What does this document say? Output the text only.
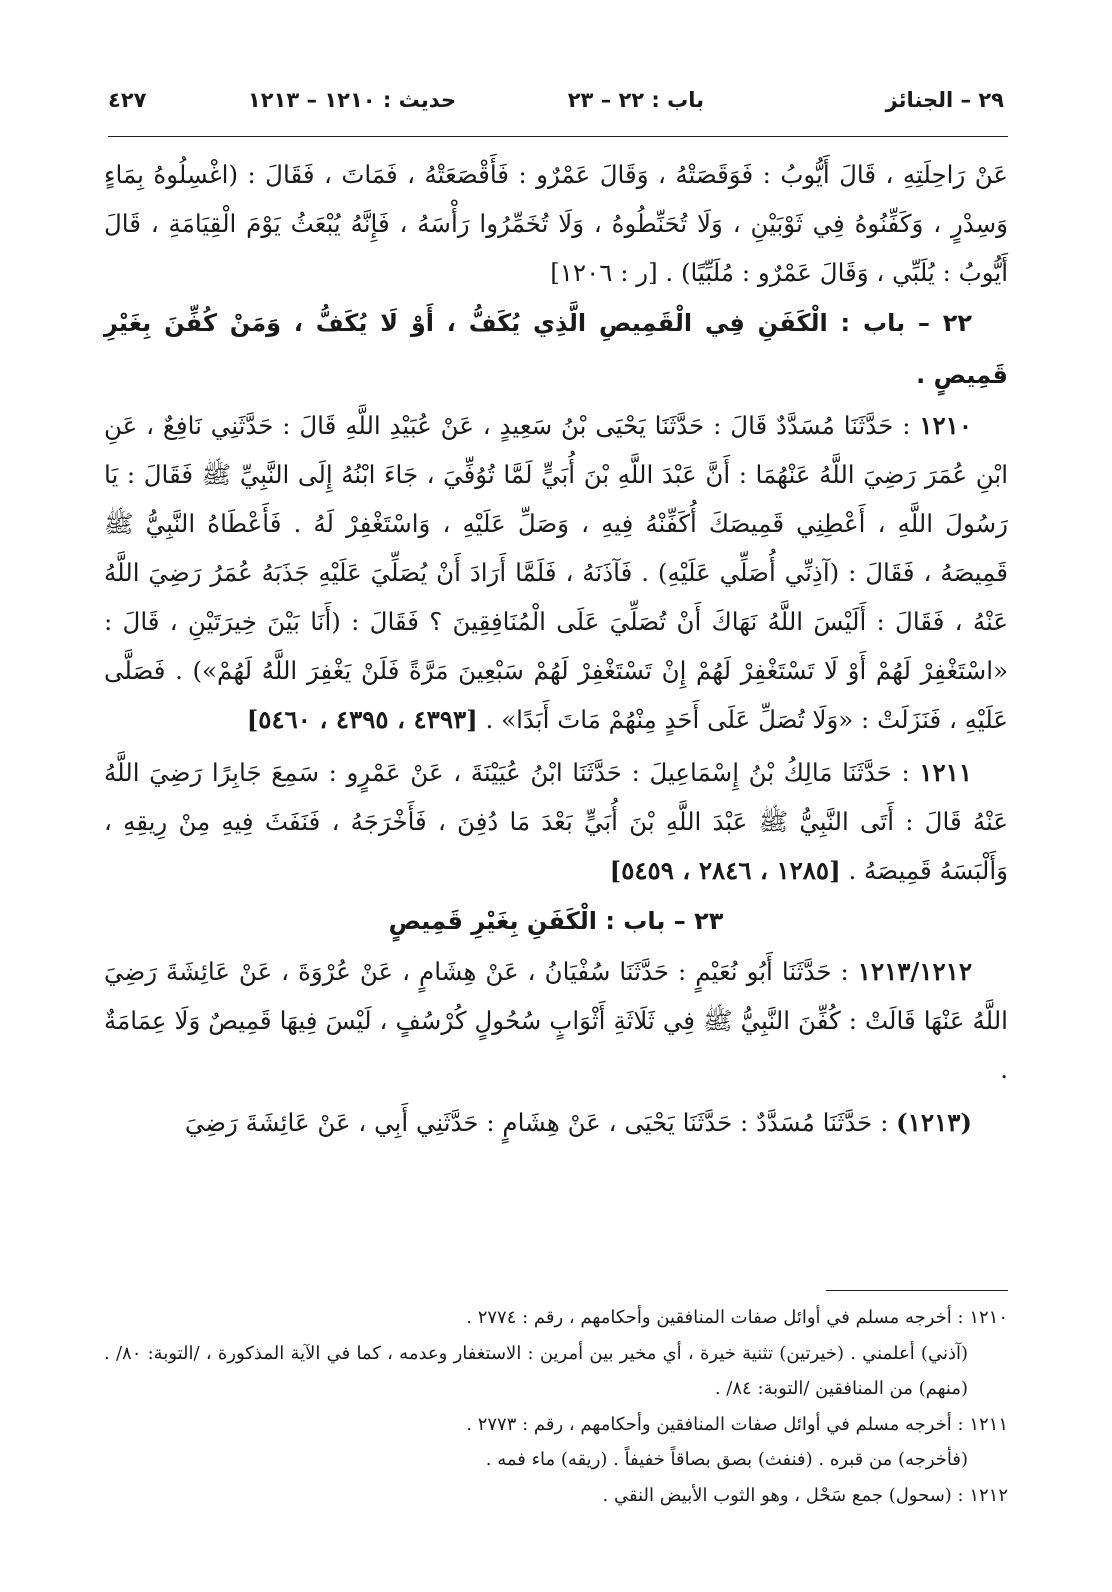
٢٩ – الجنائز
باب : ٢٢ – ٢٣
حديث : ١٢١٠ – ١٢١٣
٤٢٧

عَنْ رَاحِلَتِهِ ، قَالَ أَيُّوبُ : فَوَقَصَتْهُ ، وَقَالَ عَمْرٌو : فَأَقْصَعَتْهُ ، فَمَاتَ ، فَقَالَ : (اغْسِلُوهُ بِمَاءٍ وَسِدْرٍ ، وَكَفِّنُوهُ فِي ثَوْبَيْنِ ، وَلَا تُحَنِّطُوهُ ، وَلَا تُخَمِّرُوا رَأْسَهُ ، فَإِنَّهُ يُبْعَثُ يَوْمَ الْقِيَامَةِ ، قَالَ أَيُّوبُ : يُلَبِّي ، وَقَالَ عَمْرٌو : مُلَبِّيًا) . [ر : ١٢٠٦]

٢٢ – باب : الْكَفَنِ فِي الْقَمِيصِ الَّذِي يُكَفُّ ، أَوْ لَا يُكَفُّ ، وَمَنْ كُفِّنَ بِغَيْرِ قَمِيصٍ .

١٢١٠ : حَدَّثَنَا مُسَدَّدٌ قَالَ : حَدَّثَنَا يَحْيَى بْنُ سَعِيدٍ ، عَنْ عُبَيْدِ اللَّهِ قَالَ : حَدَّثَنِي نَافِعٌ ، عَنِ ابْنِ عُمَرَ رَضِيَ اللَّهُ عَنْهُمَا : أَنَّ عَبْدَ اللَّهِ بْنَ أُبَيٍّ لَمَّا تُوُفِّيَ ، جَاءَ ابْنُهُ إِلَى النَّبِيِّ ﷺ فَقَالَ : يَا رَسُولَ اللَّهِ ، أَعْطِنِي قَمِيصَكَ أُكَفِّنْهُ فِيهِ ، وَصَلِّ عَلَيْهِ ، وَاسْتَغْفِرْ لَهُ . فَأَعْطَاهُ النَّبِيُّ ﷺ قَمِيصَهُ ، فَقَالَ : (آذِنِّي أُصَلِّي عَلَيْهِ) . فَآذَنَهُ ، فَلَمَّا أَرَادَ أَنْ يُصَلِّيَ عَلَيْهِ جَذَبَهُ عُمَرُ رَضِيَ اللَّهُ عَنْهُ ، فَقَالَ : أَلَيْسَ اللَّهُ نَهَاكَ أَنْ تُصَلِّيَ عَلَى الْمُنَافِقِينَ ؟ فَقَالَ : (أَنَا بَيْنَ خِيرَتَيْنِ ، قَالَ : «اسْتَغْفِرْ لَهُمْ أَوْ لَا تَسْتَغْفِرْ لَهُمْ إِنْ تَسْتَغْفِرْ لَهُمْ سَبْعِينَ مَرَّةً فَلَنْ يَغْفِرَ اللَّهُ لَهُمْ») . فَصَلَّى عَلَيْهِ ، فَنَزَلَتْ : «وَلَا تُصَلِّ عَلَى أَحَدٍ مِنْهُمْ مَاتَ أَبَدًا» . [٤٣٩٣ ، ٤٣٩٥ ، ٥٤٦٠]

١٢١١ : حَدَّثَنَا مَالِكُ بْنُ إِسْمَاعِيلَ : حَدَّثَنَا ابْنُ عُيَيْنَةَ ، عَنْ عَمْرٍو : سَمِعَ جَابِرًا رَضِيَ اللَّهُ عَنْهُ قَالَ : أَتَى النَّبِيُّ ﷺ عَبْدَ اللَّهِ بْنَ أُبَيٍّ بَعْدَ مَا دُفِنَ ، فَأَخْرَجَهُ ، فَنَفَثَ فِيهِ مِنْ رِيقِهِ ، وَأَلْبَسَهُ قَمِيصَهُ . [١٢٨٥ ، ٢٨٤٦ ، ٥٤٥٩]

٢٣ – باب : الْكَفَنِ بِغَيْرِ قَمِيصٍ

١٢١٣/١٢١٢ : حَدَّثَنَا أَبُو نُعَيْمٍ : حَدَّثَنَا سُفْيَانُ ، عَنْ هِشَامٍ ، عَنْ عُرْوَةَ ، عَنْ عَائِشَةَ رَضِيَ اللَّهُ عَنْهَا قَالَتْ : كُفِّنَ النَّبِيُّ ﷺ فِي ثَلَاثَةِ أَثْوَابٍ سُحُولٍ كُرْسُفٍ ، لَيْسَ فِيهَا قَمِيصٌ وَلَا عِمَامَةٌ .

(١٢١٣) : حَدَّثَنَا مُسَدَّدٌ : حَدَّثَنَا يَحْيَى ، عَنْ هِشَامٍ : حَدَّثَنِي أَبِي ، عَنْ عَائِشَةَ رَضِيَ

١٢١٠ : أخرجه مسلم في أوائل صفات المنافقين وأحكامهم ، رقم : ٢٧٧٤ .

(آذني) أعلمني . (خيرتين) تثنية خيرة ، أي مخير بين أمرين : الاستغفار وعدمه ، كما في الآية المذكورة ، /التوبة: ٨٠/ . (منهم) من المنافقين /التوبة: ٨٤/ .

١٢١١ : أخرجه مسلم في أوائل صفات المنافقين وأحكامهم ، رقم : ٢٧٧٣ .

(فأخرجه) من قبره . (فنفث) بصق بصاقاً خفيفاً . (ريقه) ماء فمه .

١٢١٢ : (سحول) جمع سَحْل ، وهو الثوب الأبيض النقي .
